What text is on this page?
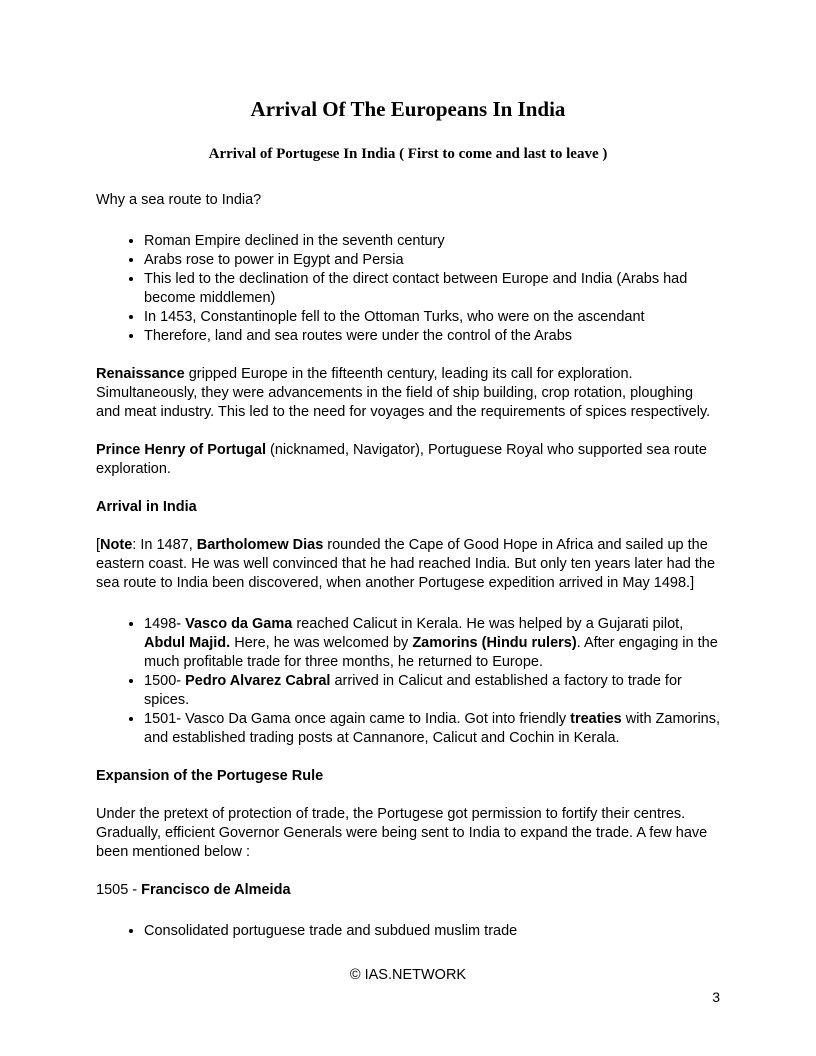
Arrival Of The Europeans In India
Arrival of Portugese In India ( First to come and last to leave )

Why a sea route to India?

• Roman Empire declined in the seventh century
• Arabs rose to power in Egypt and Persia
• This led to the declination of the direct contact between Europe and India (Arabs had become middlemen)
• In 1453, Constantinople fell to the Ottoman Turks, who were on the ascendant
• Therefore, land and sea routes were under the control of the Arabs

Renaissance gripped Europe in the fifteenth century, leading its call for exploration. Simultaneously, they were advancements in the field of ship building, crop rotation, ploughing and meat industry. This led to the need for voyages and the requirements of spices respectively.

Prince Henry of Portugal (nicknamed, Navigator), Portuguese Royal who supported sea route exploration.

Arrival in India

[Note: In 1487, Bartholomew Dias rounded the Cape of Good Hope in Africa and sailed up the eastern coast. He was well convinced that he had reached India. But only ten years later had the sea route to India been discovered, when another Portugese expedition arrived in May 1498.]

• 1498- Vasco da Gama reached Calicut in Kerala. He was helped by a Gujarati pilot, Abdul Majid. Here, he was welcomed by Zamorins (Hindu rulers). After engaging in the much profitable trade for three months, he returned to Europe.
• 1500- Pedro Alvarez Cabral arrived in Calicut and established a factory to trade for spices.
• 1501- Vasco Da Gama once again came to India. Got into friendly treaties with Zamorins, and established trading posts at Cannanore, Calicut and Cochin in Kerala.

Expansion of the Portugese Rule

Under the pretext of protection of trade, the Portugese got permission to fortify their centres. Gradually, efficient Governor Generals were being sent to India to expand the trade. A few have been mentioned below :

1505 - Francisco de Almeida

• Consolidated portuguese trade and subdued muslim trade
© IAS.NETWORK
3
